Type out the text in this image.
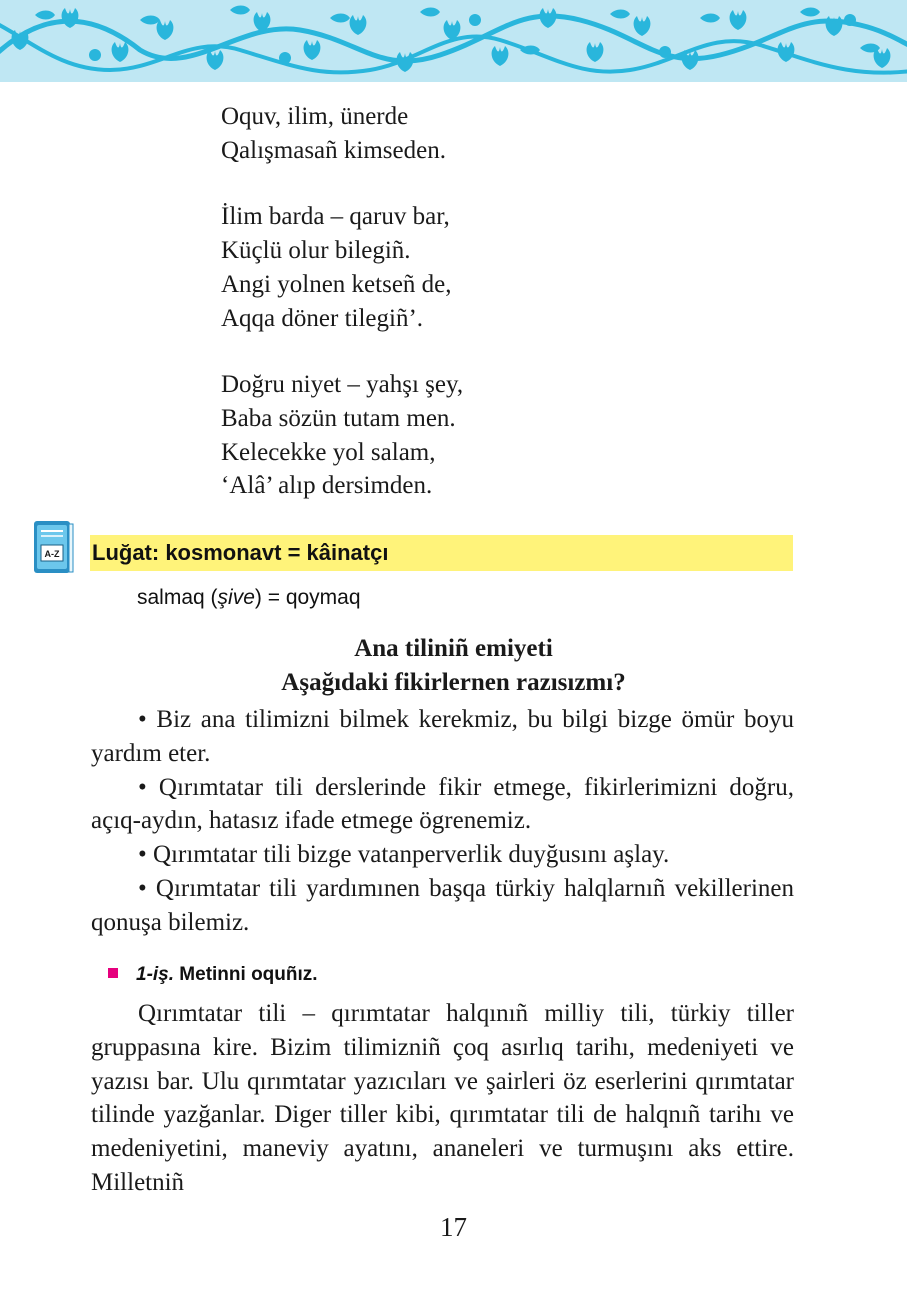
Oquv, ilim, ünerde
Qalışmasañ kimseden.
İlim barda – qaruv bar,
Küçlü olur bilegiñ.
Angi yolnen ketseñ de,
Aqqa döner tilegiñ’.
Doğru niyet – yahşı şey,
Baba sözün tutam men.
Kelecekke yol salam,
‘Alâ’ alıp dersimden.
A-Z Luğat: kosmonavt = kâinatçı
salmaq (şive) = qoymaq
Ana tiliniñ emiyeti
Aşağıdaki fikirlernen razısızmı?

• Biz ana tilimizni bilmek kerekmiz, bu bilgi bizge ömür boyu yardım eter.

• Qırımtatar tili derslerinde fikir etmege, fikirlerimizni doğru, açıq-aydın, hatasız ifade etmege ögrenemiz.

• Qırımtatar tili bizge vatanperverlik duyğusını aşlay.

• Qırımtatar tili yardımınen başqa türkiy halqlarnıñ vekillerinen qonuşa bilemiz.

1-iş. Metinni oquñız.

Qırımtatar tili – qırımtatar halqınıñ milliy tili, türkiy tiller gruppasına kire. Bizim tilimizniñ çoq asırlıq tarihı, medeniyeti ve yazısı bar. Ulu qırımtatar yazıcıları ve şairleri öz eserlerini qırımtatar tilinde yazğanlar. Diger tiller kibi, qırımtatar tili de halqnıñ tarihı ve medeniyetini, maneviy ayatını, ananeleri ve turmuşını aks ettire. Milletniñ

17
